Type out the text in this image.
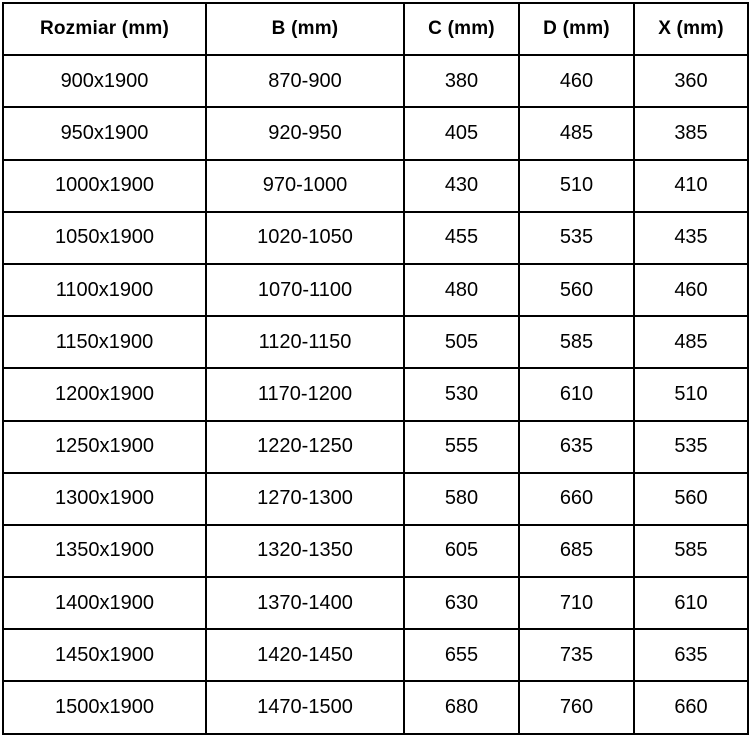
Rozmiar (mm)	B (mm)	C (mm)	D (mm)	X (mm)
900x1900	870-900	380	460	360
950x1900	920-950	405	485	385
1000x1900	970-1000	430	510	410
1050x1900	1020-1050	455	535	435
1100x1900	1070-1100	480	560	460
1150x1900	1120-1150	505	585	485
1200x1900	1170-1200	530	610	510
1250x1900	1220-1250	555	635	535
1300x1900	1270-1300	580	660	560
1350x1900	1320-1350	605	685	585
1400x1900	1370-1400	630	710	610
1450x1900	1420-1450	655	735	635
1500x1900	1470-1500	680	760	660
